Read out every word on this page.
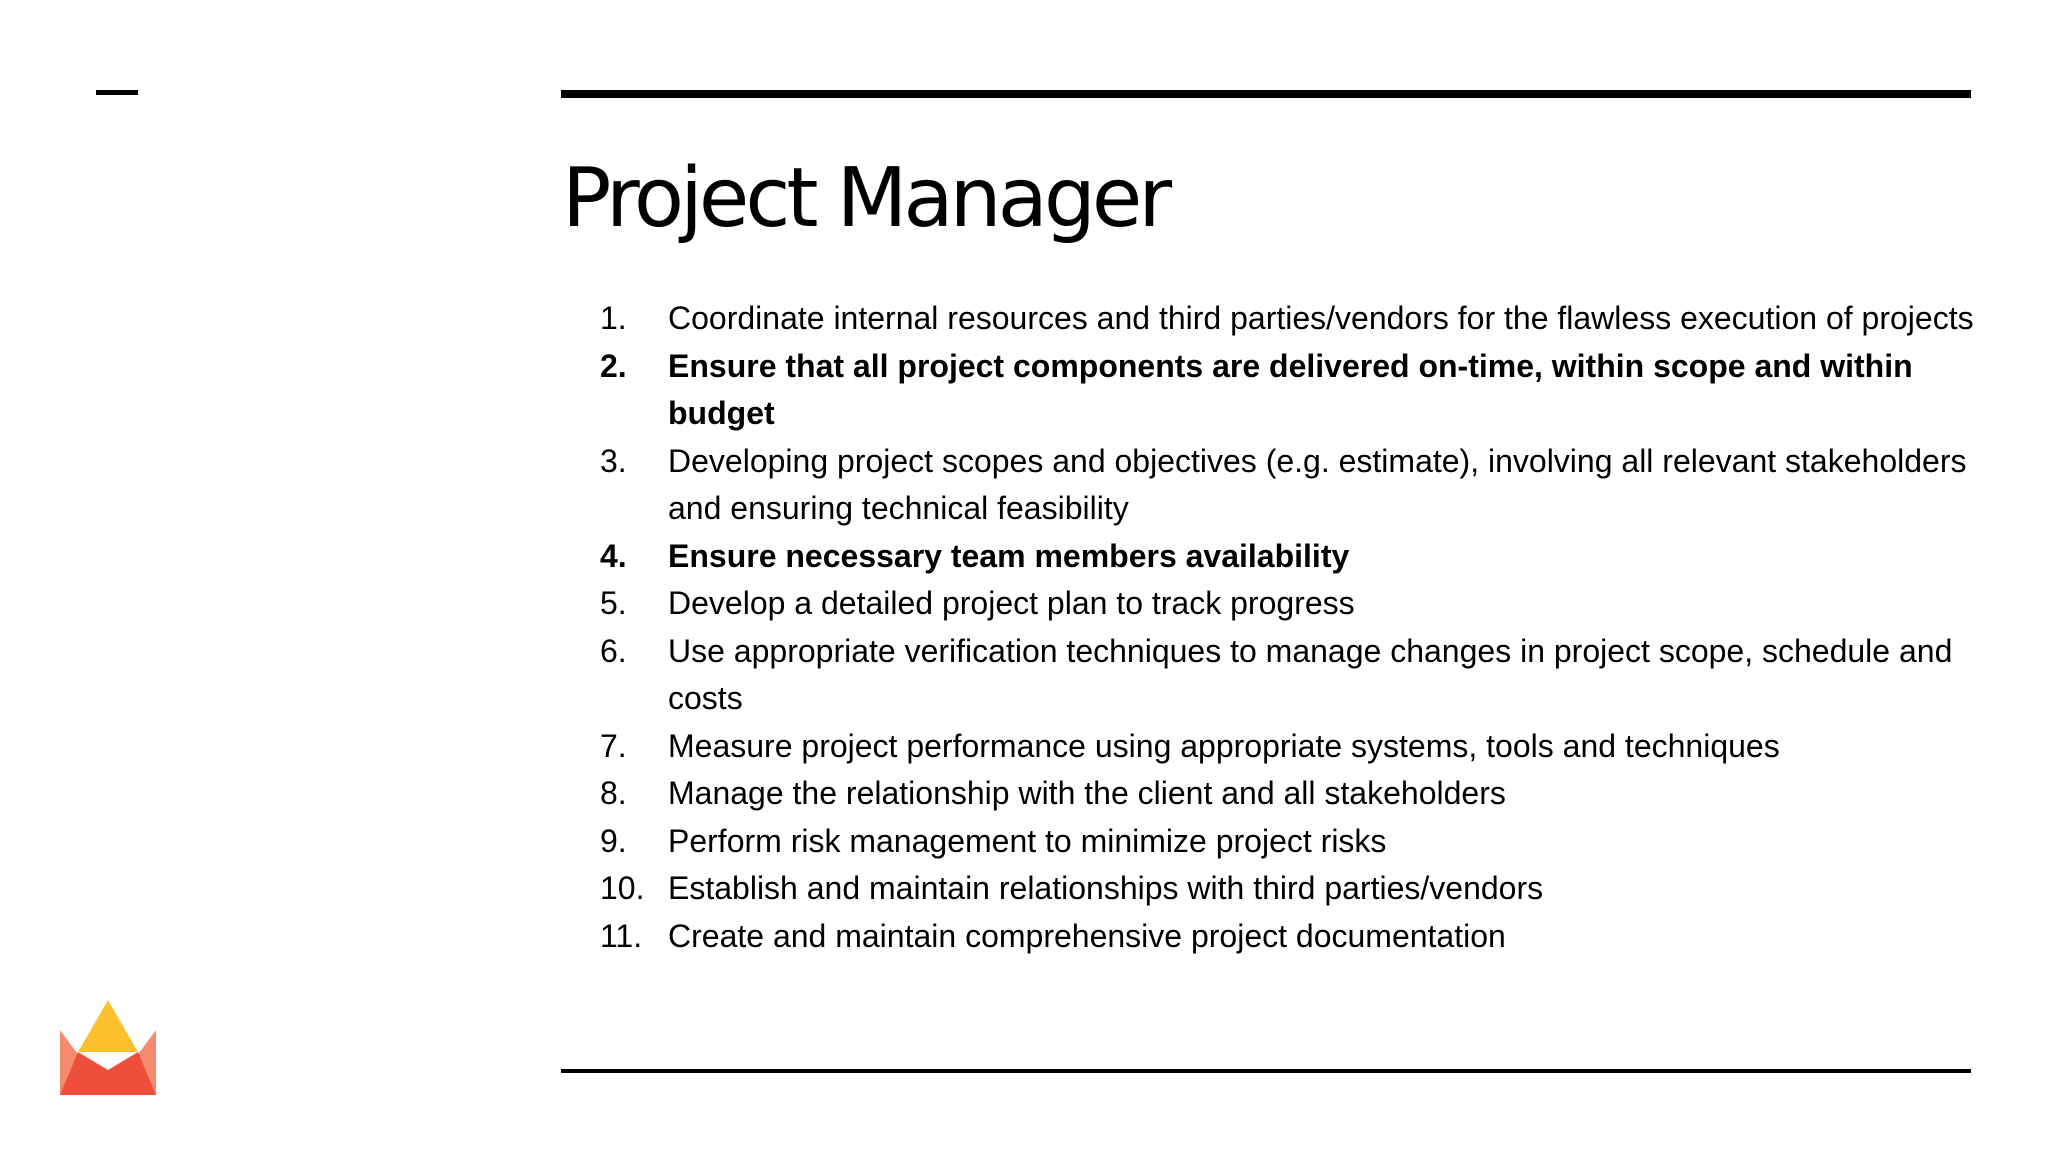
Project Manager
1. Coordinate internal resources and third parties/vendors for the flawless execution of projects
2. Ensure that all project components are delivered on-time, within scope and within budget
3. Developing project scopes and objectives (e.g. estimate), involving all relevant stakeholders and ensuring technical feasibility
4. Ensure necessary team members availability
5. Develop a detailed project plan to track progress
6. Use appropriate verification techniques to manage changes in project scope, schedule and costs
7. Measure project performance using appropriate systems, tools and techniques
8. Manage the relationship with the client and all stakeholders
9. Perform risk management to minimize project risks
10. Establish and maintain relationships with third parties/vendors
11. Create and maintain comprehensive project documentation
